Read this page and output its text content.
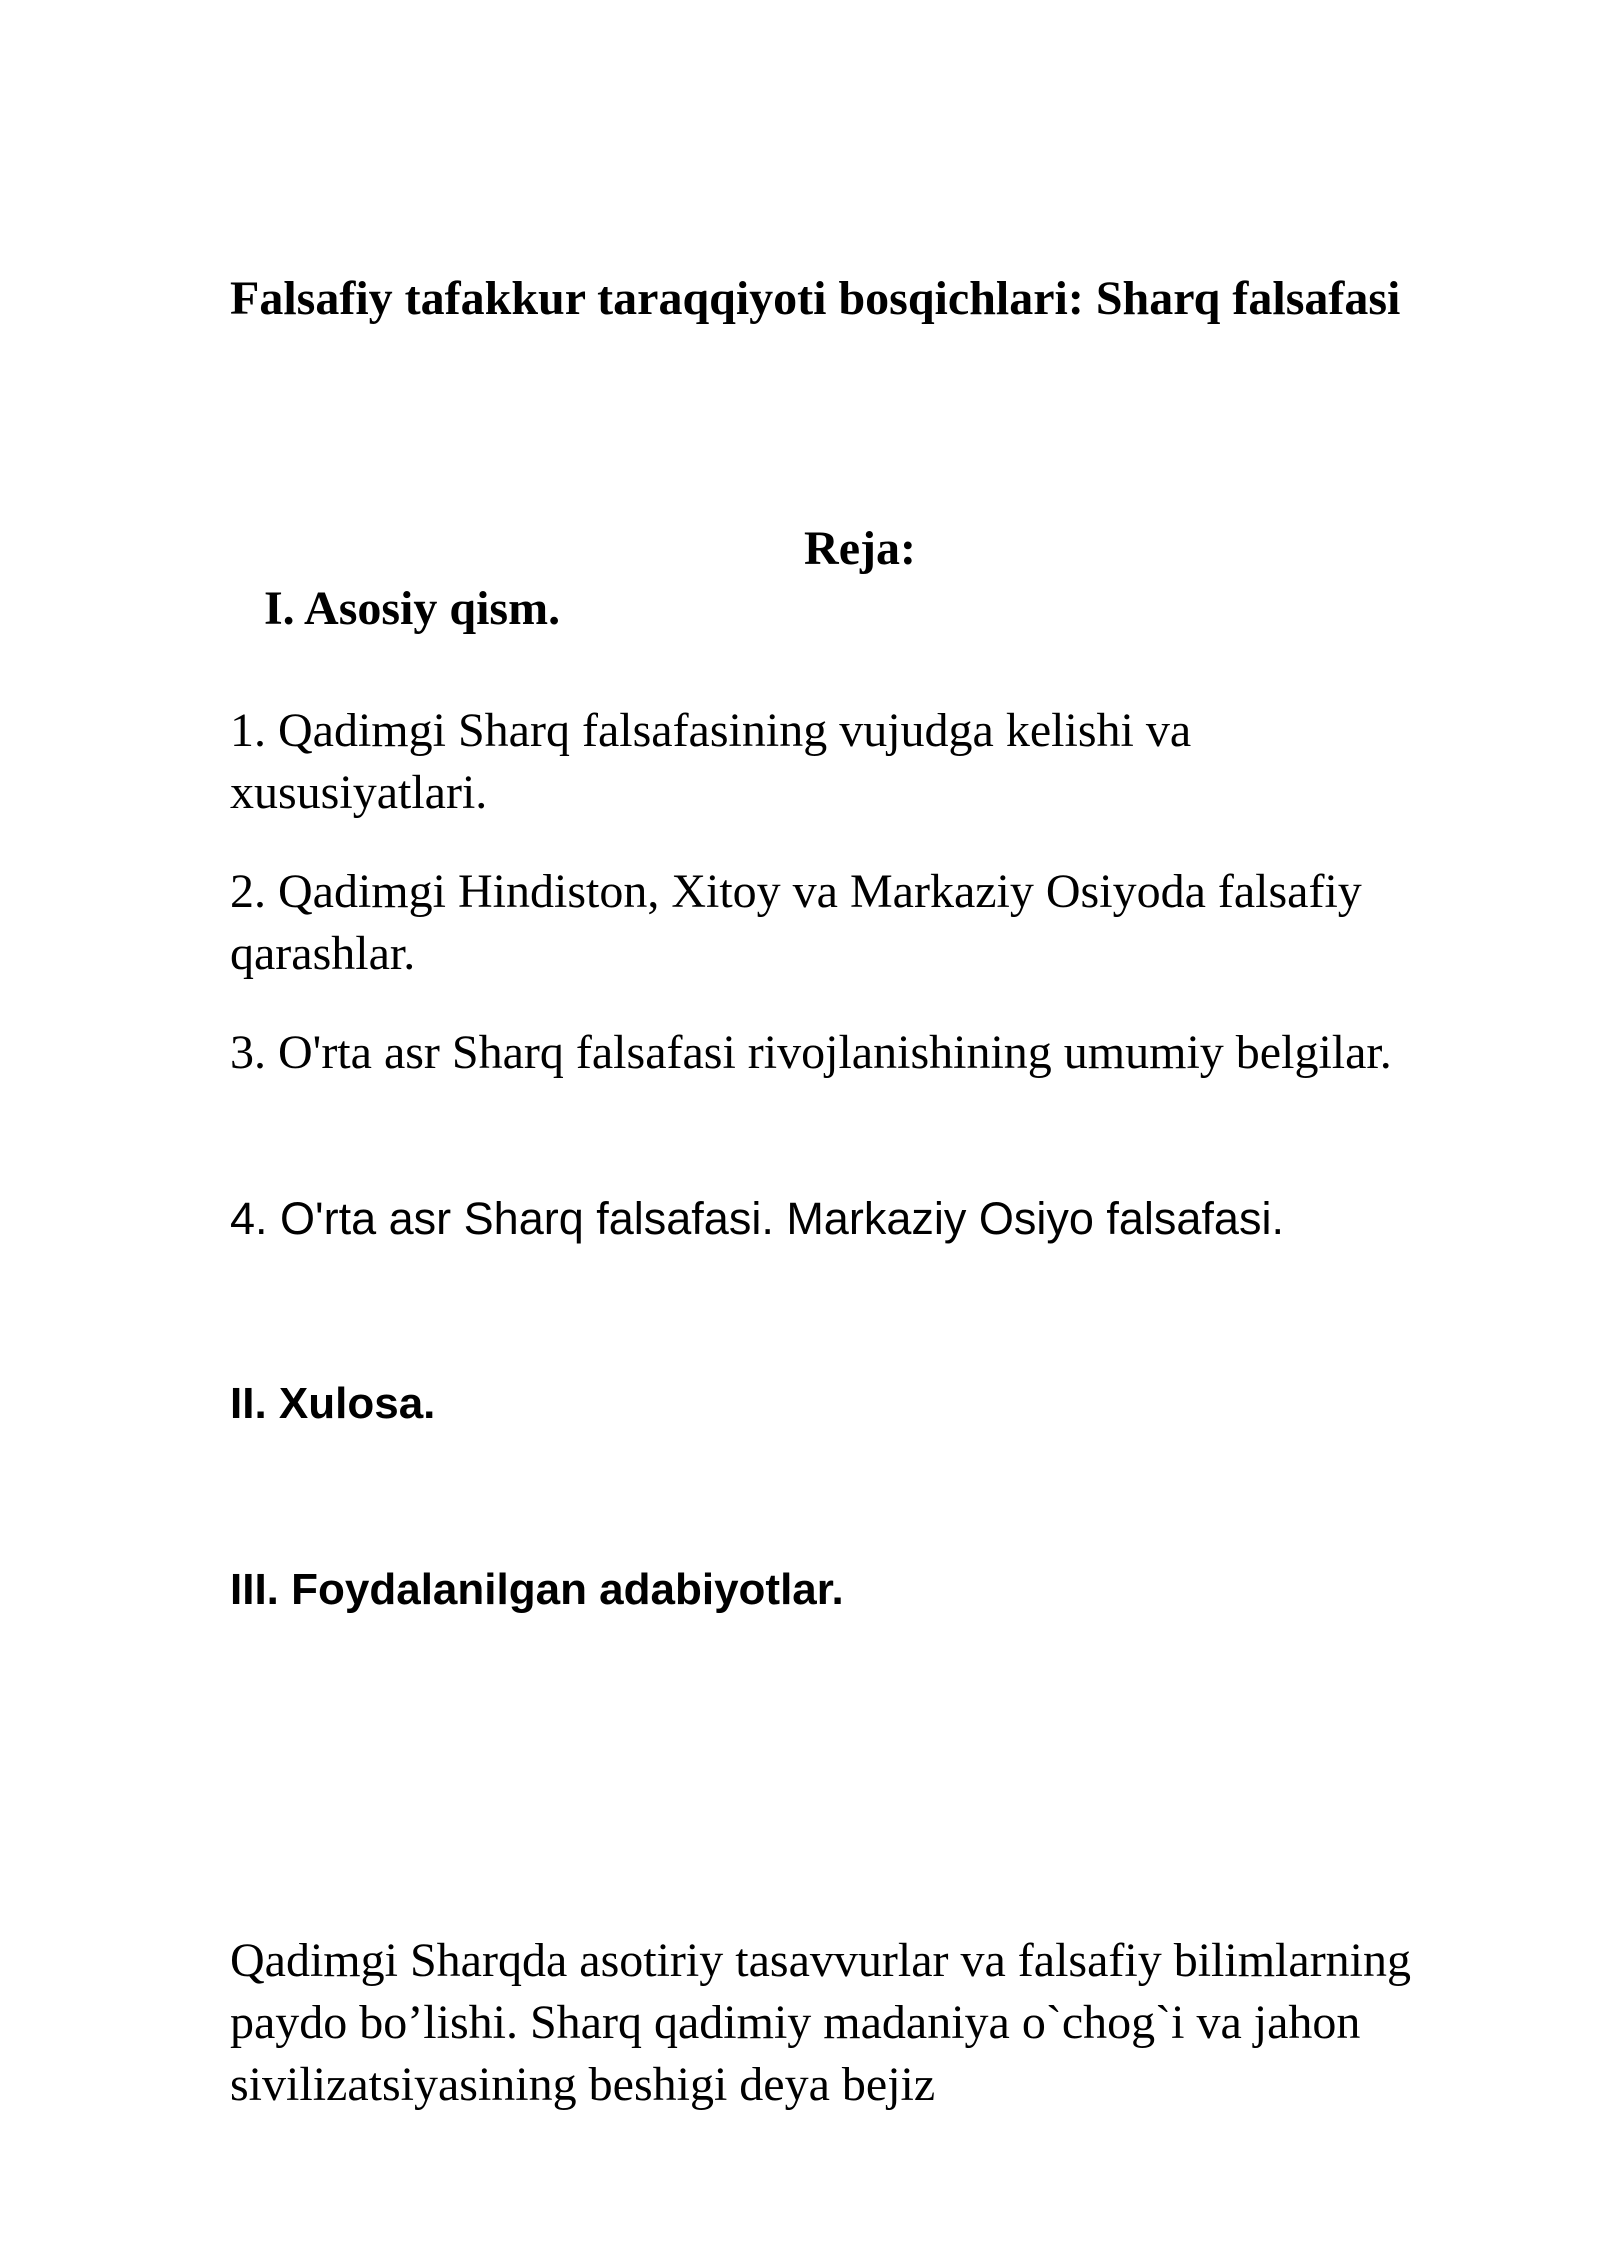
Falsafiy tafakkur taraqqiyoti bosqichlari: Sharq falsafasi
Reja:
I. Asosiy qism.

1. Qadimgi Sharq falsafasining vujudga kelishi va xususiyatlari.

2. Qadimgi Hindiston, Xitoy va Markaziy Osiyoda falsafiy qarashlar.

3. O'rta asr Sharq falsafasi rivojlanishining umumiy belgilar.

4. O'rta asr Sharq falsafasi. Markaziy Osiyo falsafasi.

II. Xulosa.
III. Foydalanilgan adabiyotlar.

Qadimgi Sharqda asotiriy tasavvurlar va falsafiy bilimlarning paydo bo’lishi. Sharq qadimiy madaniya o`chog`i va jahon sivilizatsiyasining beshigi deya bejiz
